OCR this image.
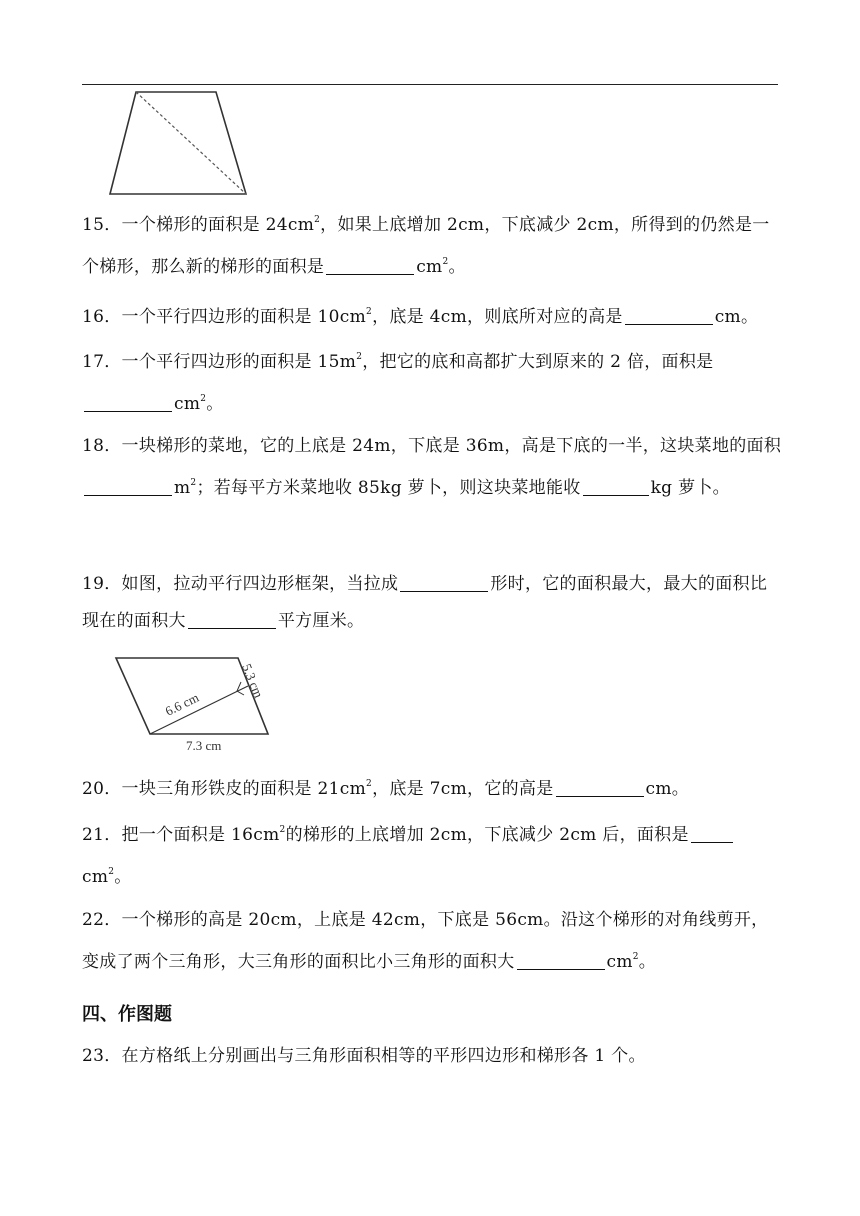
15．一个梯形的面积是 $24cm^2$，如果上底增加 2cm，下底减少 2cm，所得到的仍然是一个梯形，那么新的梯形的面积是	$cm^2$。
16．一个平行四边形的面积是 $10cm^2$，底是 4cm，则底所对应的高是	cm。
17．一个平行四边形的面积是 $15m^2$，把它的底和高都扩大到原来的 2 倍，面积是$cm^2$。
18．一块梯形的菜地，它的上底是 24m，下底是 36m，高是下底的一半，这块菜地的面积$m^2$；若每平方米菜地收 85kg 萝卜，则这块菜地能收	kg 萝卜。
19．如图，拉动平行四边形框架，当拉成	形时，它的面积最大，最大的面积比现在的面积大	平方厘米。
6.6 cm
5.3 cm
7.3 cm
20．一块三角形铁皮的面积是 $21cm^2$，底是 7cm，它的高是	cm。
21．把一个面积是 $16cm^2$的梯形的上底增加 2cm，下底减少 2cm 后，面积是$cm^2$。
22．一个梯形的高是 20cm，上底是 42cm，下底是 56cm。沿这个梯形的对角线剪开，变成了两个三角形，大三角形的面积比小三角形的面积大	$cm^2$。
四、作图题
23．在方格纸上分别画出与三角形面积相等的平形四边形和梯形各 1 个。
